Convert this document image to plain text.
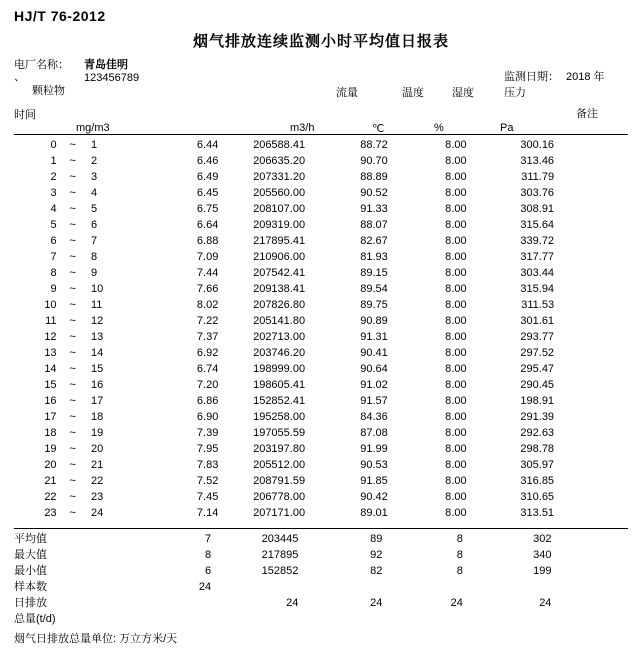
HJ/T 76-2012
烟气排放连续监测小时平均值日报表
电厂名称： 青岛佳明
、	123456789	监测日期： 2018 年
颗粒物	流量	温度	湿度	压力
备注
时间
mg/m3	m3/h	℃	%	Pa
0	~	1	6.44	206588.41	88.72	8.00	300.16	
1	~	2	6.46	206635.20	90.70	8.00	313.46	
2	~	3	6.49	207331.20	88.89	8.00	311.79	
3	~	4	6.45	205560.00	90.52	8.00	303.76	
4	~	5	6.75	208107.00	91.33	8.00	308.91	
5	~	6	6.64	209319.00	88.07	8.00	315.64	
6	~	7	6.88	217895.41	82.67	8.00	339.72	
7	~	8	7.09	210906.00	81.93	8.00	317.77	
8	~	9	7.44	207542.41	89.15	8.00	303.44	
9	~	10	7.66	209138.41	89.54	8.00	315.94	
10	~	11	8.02	207826.80	89.75	8.00	311.53	
11	~	12	7.22	205141.80	90.89	8.00	301.61	
12	~	13	7.37	202713.00	91.31	8.00	293.77	
13	~	14	6.92	203746.20	90.41	8.00	297.52	
14	~	15	6.74	198999.00	90.64	8.00	295.47	
15	~	16	7.20	198605.41	91.02	8.00	290.45	
16	~	17	6.86	152852.41	91.57	8.00	198.91	
17	~	18	6.90	195258.00	84.36	8.00	291.39	
18	~	19	7.39	197055.59	87.08	8.00	292.63	
19	~	20	7.95	203197.80	91.99	8.00	298.78	
20	~	21	7.83	205512.00	90.53	8.00	305.97	
21	~	22	7.52	208791.59	91.85	8.00	316.85	
22	~	23	7.45	206778.00	90.42	8.00	310.65	
23	~	24	7.14	207171.00	89.01	8.00	313.51	
平均值	7	203445	89	8	302	
最大值	8	217895	92	8	340	
最小值	6	152852	82	8	199	
样本数	24					
日排放		24	24	24	24	
总量(t/d)						
烟气日排放总量单位: 万立方米/天
